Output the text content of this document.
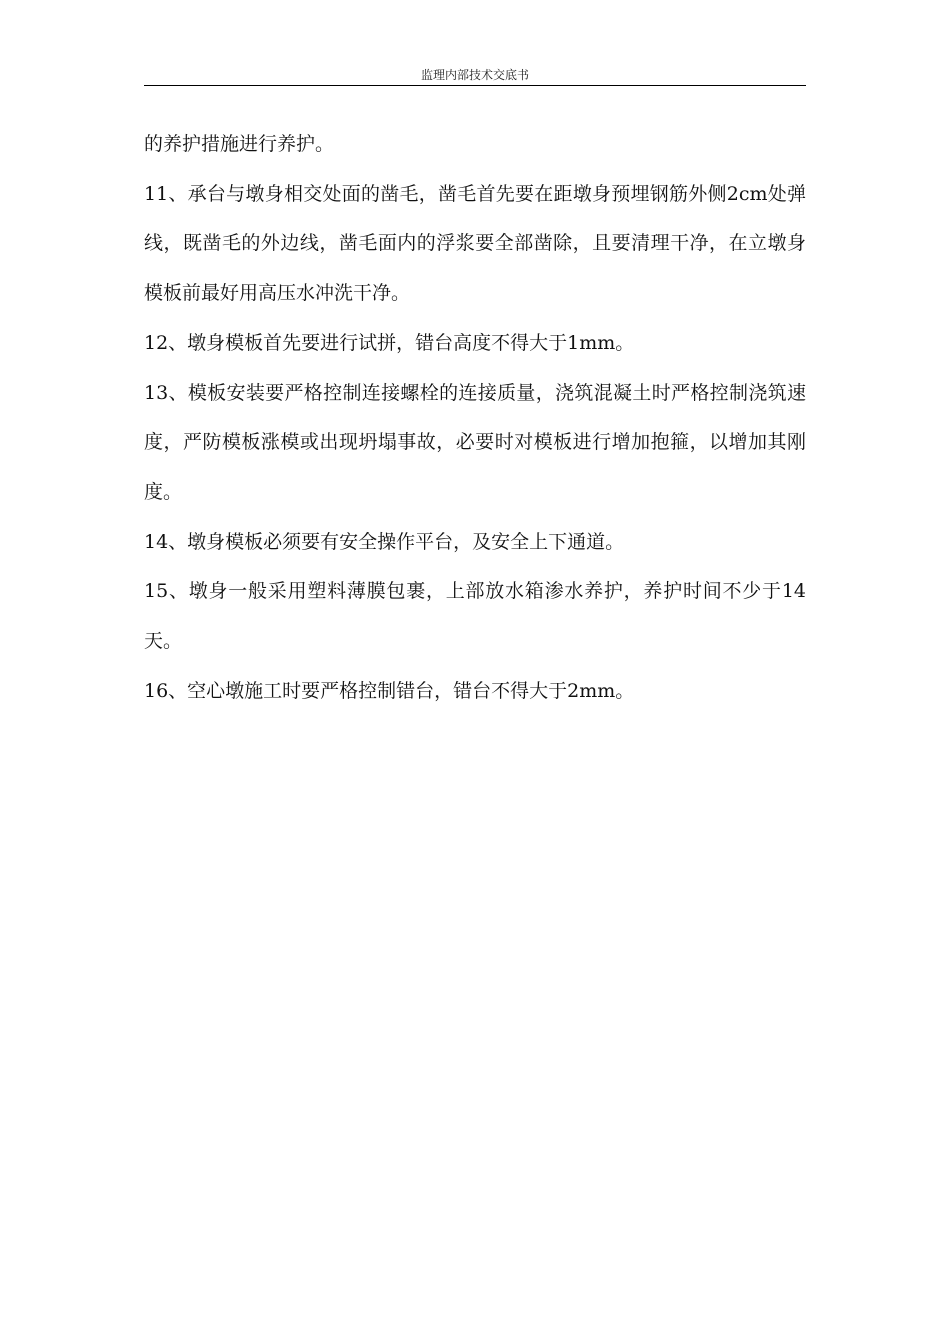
监理内部技术交底书

的养护措施进行养护。

11、承台与墩身相交处面的凿毛，凿毛首先要在距墩身预埋钢筋外侧2cm处弹线，既凿毛的外边线，凿毛面内的浮浆要全部凿除，且要清理干净，在立墩身模板前最好用高压水冲洗干净。

12、墩身模板首先要进行试拼，错台高度不得大于1mm。

13、模板安装要严格控制连接螺栓的连接质量，浇筑混凝土时严格控制浇筑速度，严防模板涨模或出现坍塌事故，必要时对模板进行增加抱箍，以增加其刚度。

14、墩身模板必须要有安全操作平台，及安全上下通道。

15、墩身一般采用塑料薄膜包裹，上部放水箱渗水养护，养护时间不少于14天。

16、空心墩施工时要严格控制错台，错台不得大于2mm。
